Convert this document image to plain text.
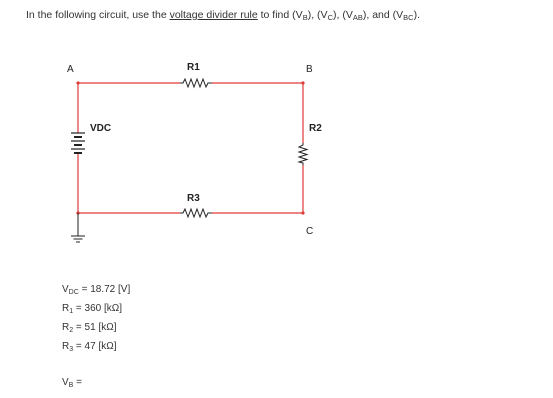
In the following circuit, use the voltage divider rule to find $(V_B)$, $(V_C)$, $(V_{AB})$, and $(V_{BC})$.
R1
R3
R2
VDC
A	B
C
$V_{DC} = 18.72$ [V]
$R_1 = 360$ [kΩ]
$R_2 = 51$ [kΩ]
$R_3 = 47$ [kΩ]
$V_B$ =
